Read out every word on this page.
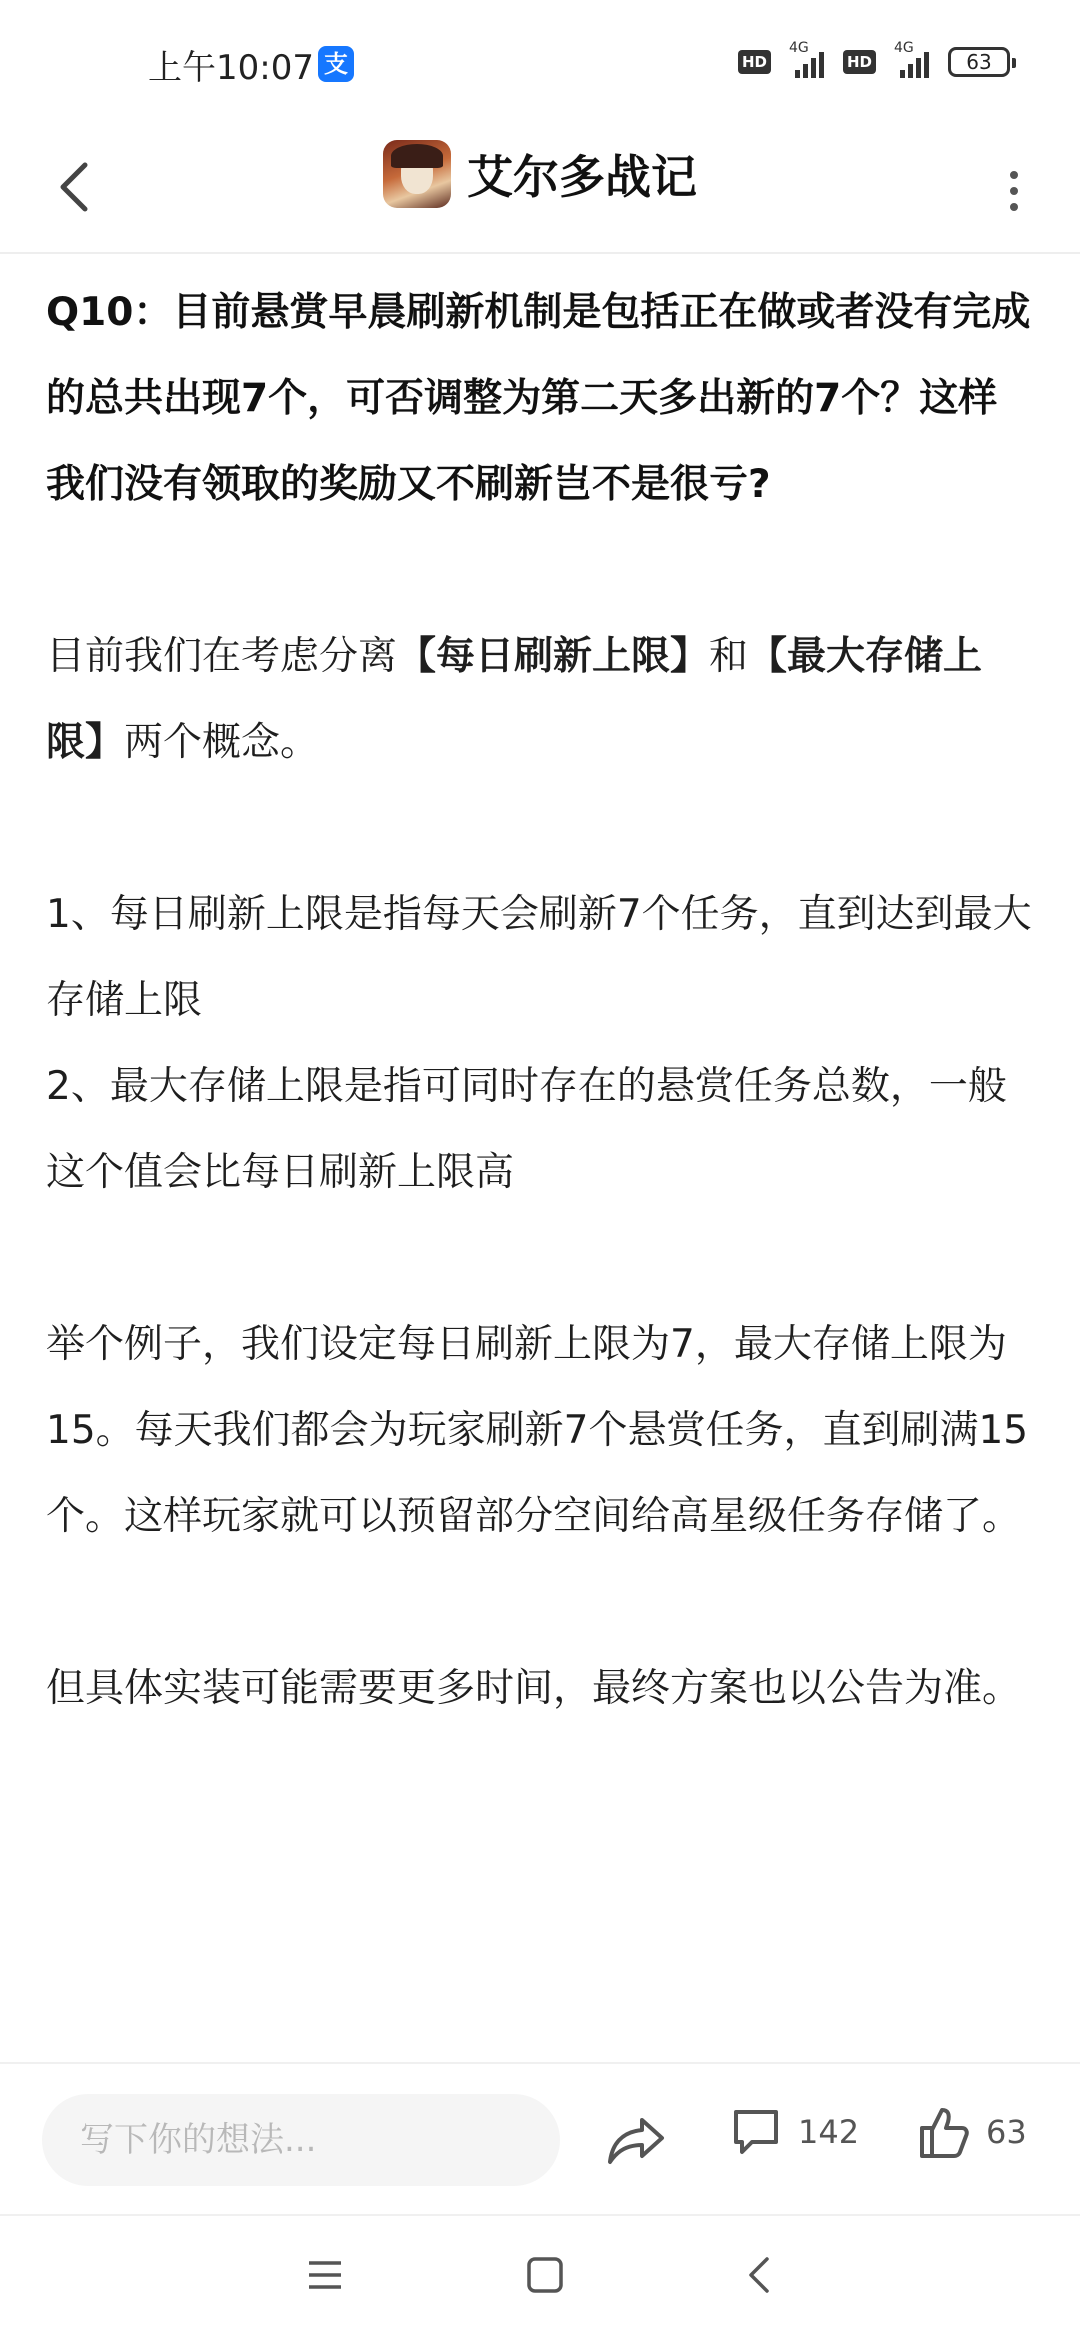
上午10:07 支	HD
4G
HD
4G
63
艾尔多战记
Q10：目前悬赏早晨刷新机制是包括正在做或者没有完成的总共出现7个，可否调整为第二天多出新的7个？这样我们没有领取的奖励又不刷新岂不是很亏?
目前我们在考虑分离【每日刷新上限】和【最大存储上限】两个概念。
1、每日刷新上限是指每天会刷新7个任务，直到达到最大存储上限
2、最大存储上限是指可同时存在的悬赏任务总数，一般这个值会比每日刷新上限高
举个例子，我们设定每日刷新上限为7，最大存储上限为15。每天我们都会为玩家刷新7个悬赏任务，直到刷满15个。这样玩家就可以预留部分空间给高星级任务存储了。
但具体实装可能需要更多时间，最终方案也以公告为准。
写下你的想法...
142	63
